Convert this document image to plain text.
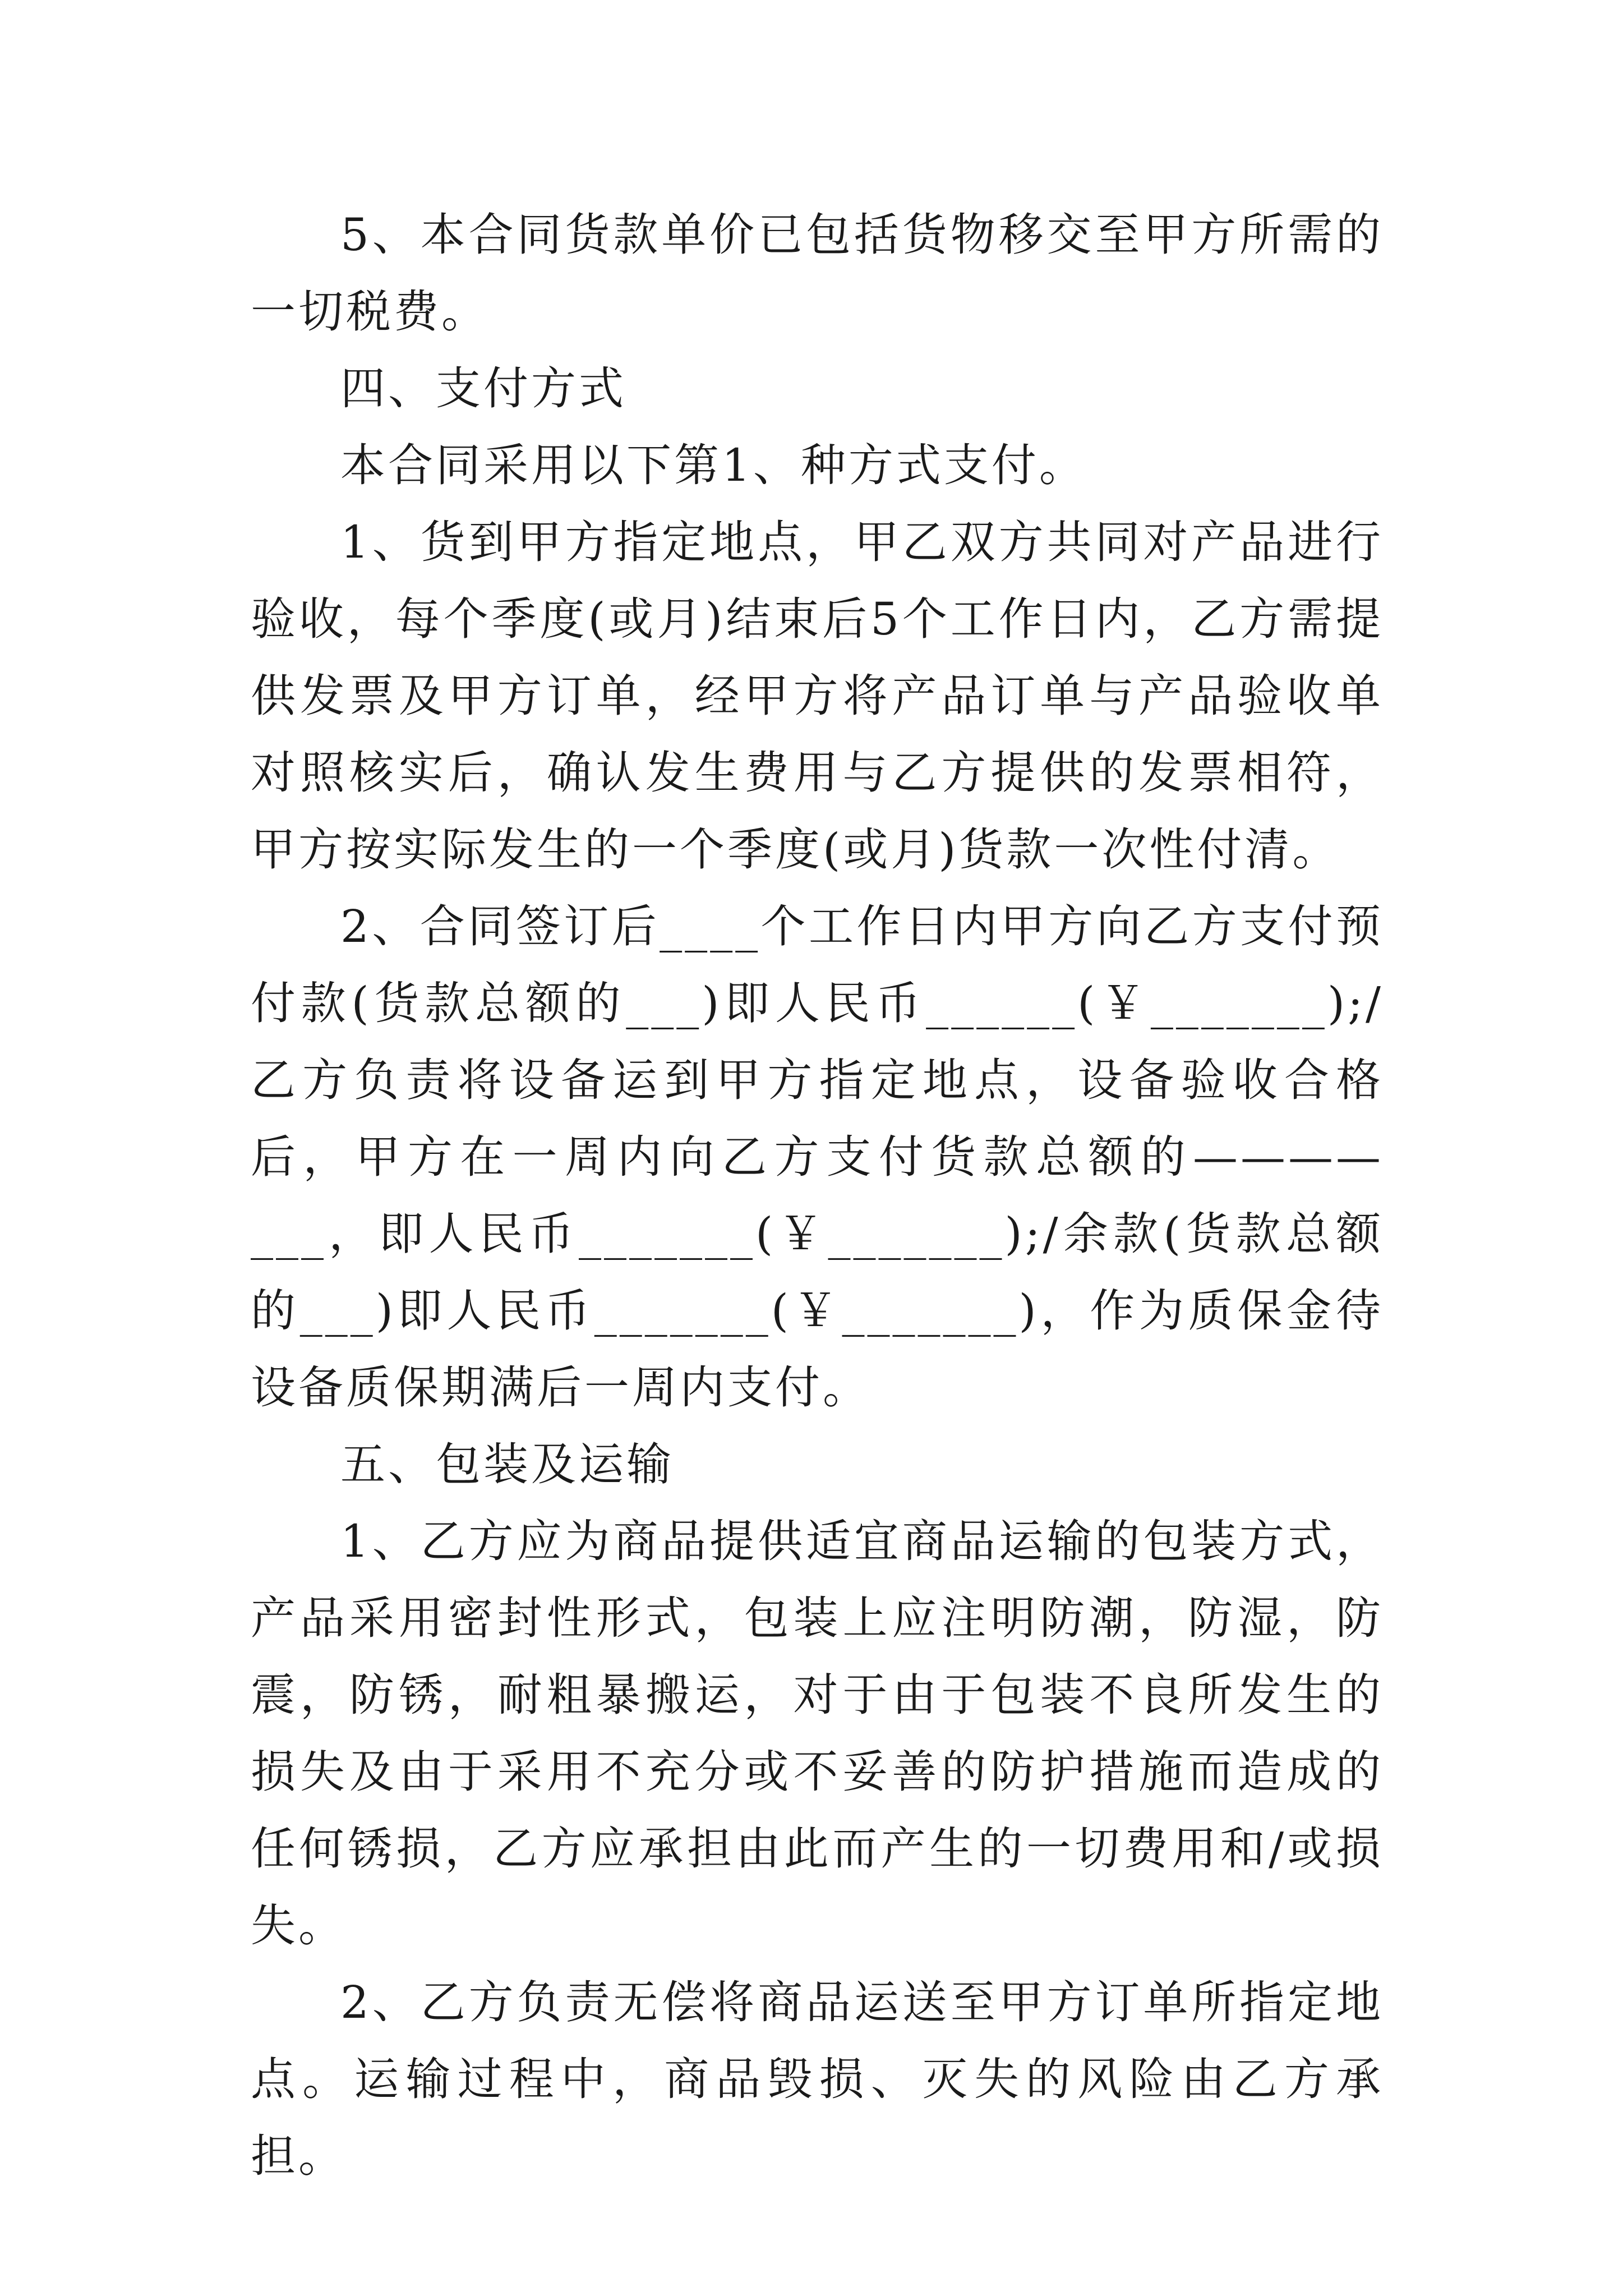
5、本合同货款单价已包括货物移交至甲方所需的一切税费。

四、支付方式

本合同采用以下第1、种方式支付。

1、货到甲方指定地点，甲乙双方共同对产品进行验收，每个季度(或月)结束后5个工作日内，乙方需提供发票及甲方订单，经甲方将产品订单与产品验收单对照核实后，确认发生费用与乙方提供的发票相符，甲方按实际发生的一个季度(或月)货款一次性付清。

2、合同签订后____个工作日内甲方向乙方支付预付款(货款总额的___)即人民币______(￥_______);/乙方负责将设备运到甲方指定地点，设备验收合格后，甲方在一周内向乙方支付货款总额的————___，即人民币_______(￥_______);/余款(货款总额的___)即人民币_______(￥_______)，作为质保金待设备质保期满后一周内支付。

五、包装及运输

1、乙方应为商品提供适宜商品运输的包装方式，产品采用密封性形式，包装上应注明防潮，防湿，防震，防锈，耐粗暴搬运，对于由于包装不良所发生的损失及由于采用不充分或不妥善的防护措施而造成的任何锈损，乙方应承担由此而产生的一切费用和/或损失。

2、乙方负责无偿将商品运送至甲方订单所指定地点。运输过程中，商品毁损、灭失的风险由乙方承担。
